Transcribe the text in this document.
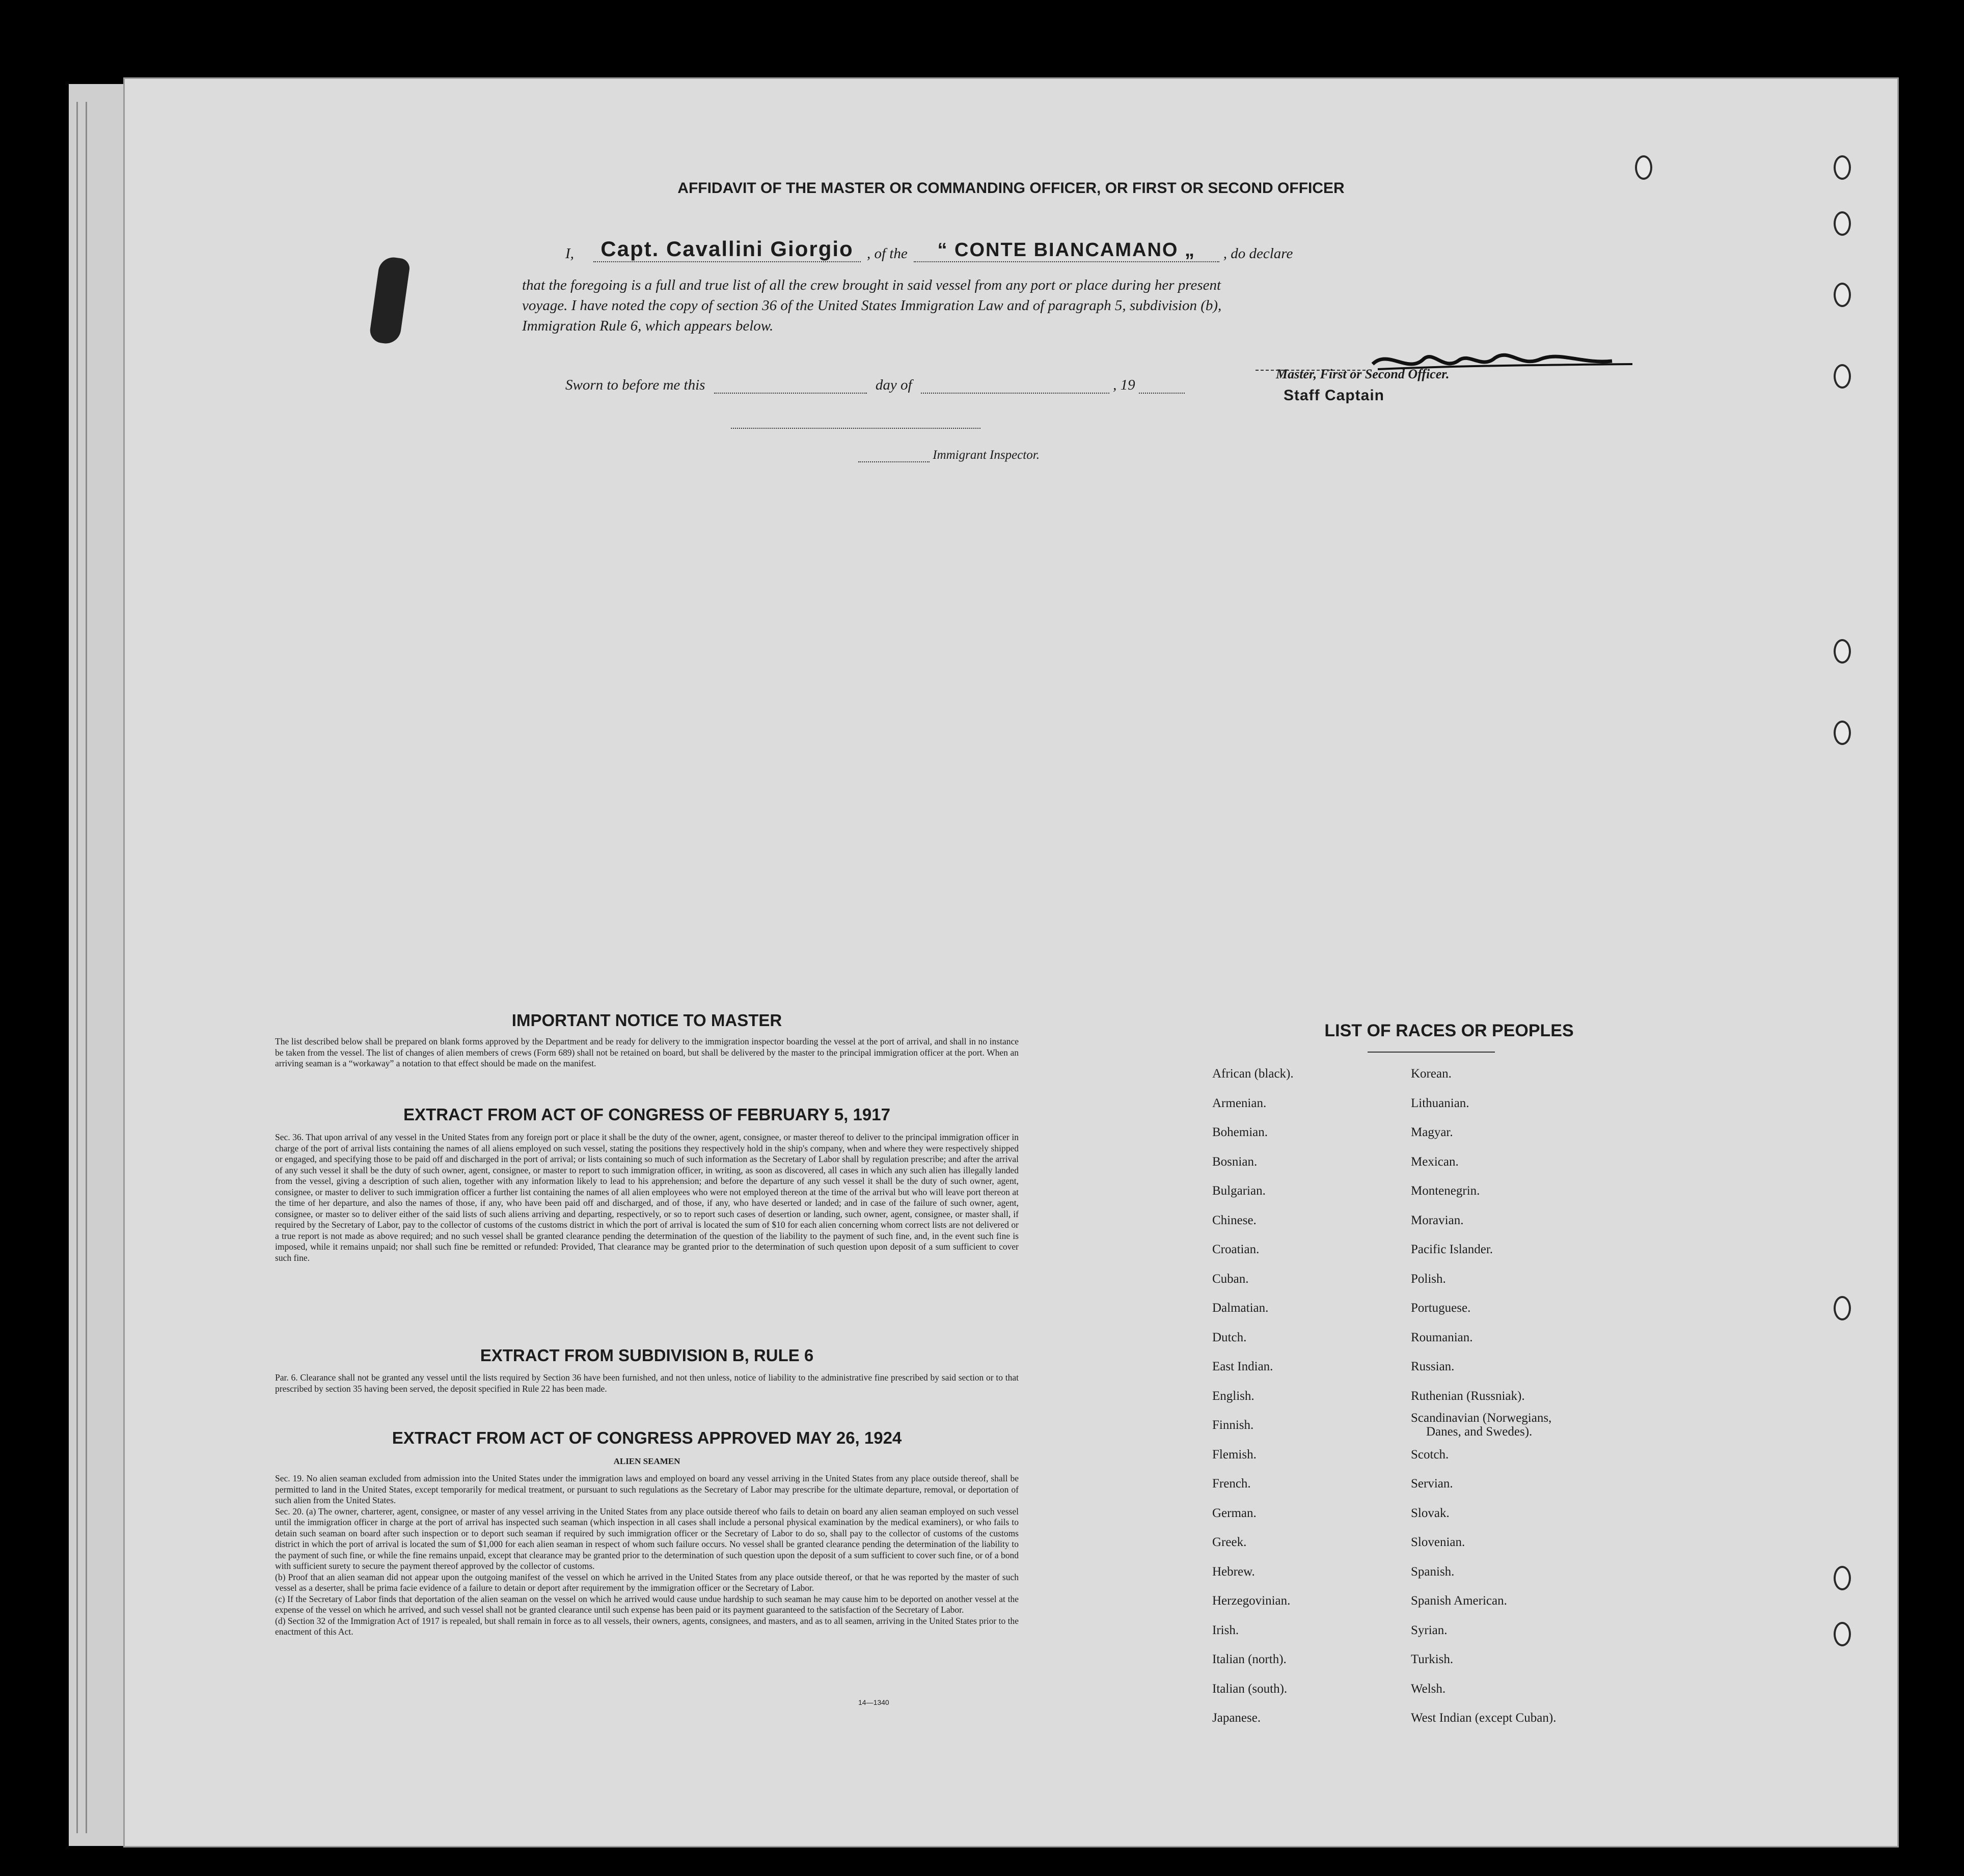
AFFIDAVIT OF THE MASTER OR COMMANDING OFFICER, OR FIRST OR SECOND OFFICER
I, Capt. Cavallini Giorgio , of the “ CONTE BIANCAMANO „ , do declare
that the foregoing is a full and true list of all the crew brought in said vessel from any port or place during her present
voyage. I have noted the copy of section 36 of the United States Immigration Law and of paragraph 5, subdivision (b),
Immigration Rule 6, which appears below.
Master, First or Second Officer.
Staff Captain
Sworn to before me this	day of	, 19
Immigrant Inspector.
IMPORTANT NOTICE TO MASTER
The list described below shall be prepared on blank forms approved by the Department and be ready for delivery to the immigration inspector boarding the vessel at the port of arrival, and shall in no instance be taken from the vessel. The list of changes of alien members of crews (Form 689) shall not be retained on board, but shall be delivered by the master to the principal immigration officer at the port. When an arriving seaman is a “workaway” a notation to that effect should be made on the manifest.
EXTRACT FROM ACT OF CONGRESS OF FEBRUARY 5, 1917
Sec. 36. That upon arrival of any vessel in the United States from any foreign port or place it shall be the duty of the owner, agent, consignee, or master thereof to deliver to the principal immigration officer in charge of the port of arrival lists containing the names of all aliens employed on such vessel, stating the positions they respectively hold in the ship's company, when and where they were respectively shipped or engaged, and specifying those to be paid off and discharged in the port of arrival; or lists containing so much of such information as the Secretary of Labor shall by regulation prescribe; and after the arrival of any such vessel it shall be the duty of such owner, agent, consignee, or master to report to such immigration officer, in writing, as soon as discovered, all cases in which any such alien has illegally landed from the vessel, giving a description of such alien, together with any information likely to lead to his apprehension; and before the departure of any such vessel it shall be the duty of such owner, agent, consignee, or master to deliver to such immigration officer a further list containing the names of all alien employees who were not employed thereon at the time of the arrival but who will leave port thereon at the time of her departure, and also the names of those, if any, who have been paid off and discharged, and of those, if any, who have deserted or landed; and in case of the failure of such owner, agent, consignee, or master so to deliver either of the said lists of such aliens arriving and departing, respectively, or so to report such cases of desertion or landing, such owner, agent, consignee, or master shall, if required by the Secretary of Labor, pay to the collector of customs of the customs district in which the port of arrival is located the sum of $10 for each alien concerning whom correct lists are not delivered or a true report is not made as above required; and no such vessel shall be granted clearance pending the determination of the question of the liability to the payment of such fine, and, in the event such fine is imposed, while it remains unpaid; nor shall such fine be remitted or refunded: Provided, That clearance may be granted prior to the determination of such question upon deposit of a sum sufficient to cover such fine.
EXTRACT FROM SUBDIVISION B, RULE 6
Par. 6. Clearance shall not be granted any vessel until the lists required by Section 36 have been furnished, and not then unless, notice of liability to the administrative fine prescribed by said section or to that prescribed by section 35 having been served, the deposit specified in Rule 22 has been made.
EXTRACT FROM ACT OF CONGRESS APPROVED MAY 26, 1924
ALIEN SEAMEN
Sec. 19. No alien seaman excluded from admission into the United States under the immigration laws and employed on board any vessel arriving in the United States from any place outside thereof, shall be permitted to land in the United States, except temporarily for medical treatment, or pursuant to such regulations as the Secretary of Labor may prescribe for the ultimate departure, removal, or deportation of such alien from the United States.
Sec. 20. (a) The owner, charterer, agent, consignee, or master of any vessel arriving in the United States from any place outside thereof who fails to detain on board any alien seaman employed on such vessel until the immigration officer in charge at the port of arrival has inspected such seaman (which inspection in all cases shall include a personal physical examination by the medical examiners), or who fails to detain such seaman on board after such inspection or to deport such seaman if required by such immigration officer or the Secretary of Labor to do so, shall pay to the collector of customs of the customs district in which the port of arrival is located the sum of $1,000 for each alien seaman in respect of whom such failure occurs. No vessel shall be granted clearance pending the determination of the liability to the payment of such fine, or while the fine remains unpaid, except that clearance may be granted prior to the determination of such question upon the deposit of a sum sufficient to cover such fine, or of a bond with sufficient surety to secure the payment thereof approved by the collector of customs.
(b) Proof that an alien seaman did not appear upon the outgoing manifest of the vessel on which he arrived in the United States from any place outside thereof, or that he was reported by the master of such vessel as a deserter, shall be prima facie evidence of a failure to detain or deport after requirement by the immigration officer or the Secretary of Labor.
(c) If the Secretary of Labor finds that deportation of the alien seaman on the vessel on which he arrived would cause undue hardship to such seaman he may cause him to be deported on another vessel at the expense of the vessel on which he arrived, and such vessel shall not be granted clearance until such expense has been paid or its payment guaranteed to the satisfaction of the Secretary of Labor.
(d) Section 32 of the Immigration Act of 1917 is repealed, but shall remain in force as to all vessels, their owners, agents, consignees, and masters, and as to all seamen, arriving in the United States prior to the enactment of this Act.
14—1340
LIST OF RACES OR PEOPLES
African (black).
Armenian.
Bohemian.
Bosnian.
Bulgarian.
Chinese.
Croatian.
Cuban.
Dalmatian.
Dutch.
East Indian.
English.
Finnish.
Flemish.
French.
German.
Greek.
Hebrew.
Herzegovinian.
Irish.
Italian (north).
Italian (south).
Japanese.
Korean.
Lithuanian.
Magyar.
Mexican.
Montenegrin.
Moravian.
Pacific Islander.
Polish.
Portuguese.
Roumanian.
Russian.
Ruthenian (Russniak).
Scandinavian (Norwegians,
Danes, and Swedes).
Scotch.
Servian.
Slovak.
Slovenian.
Spanish.
Spanish American.
Syrian.
Turkish.
Welsh.
West Indian (except Cuban).
